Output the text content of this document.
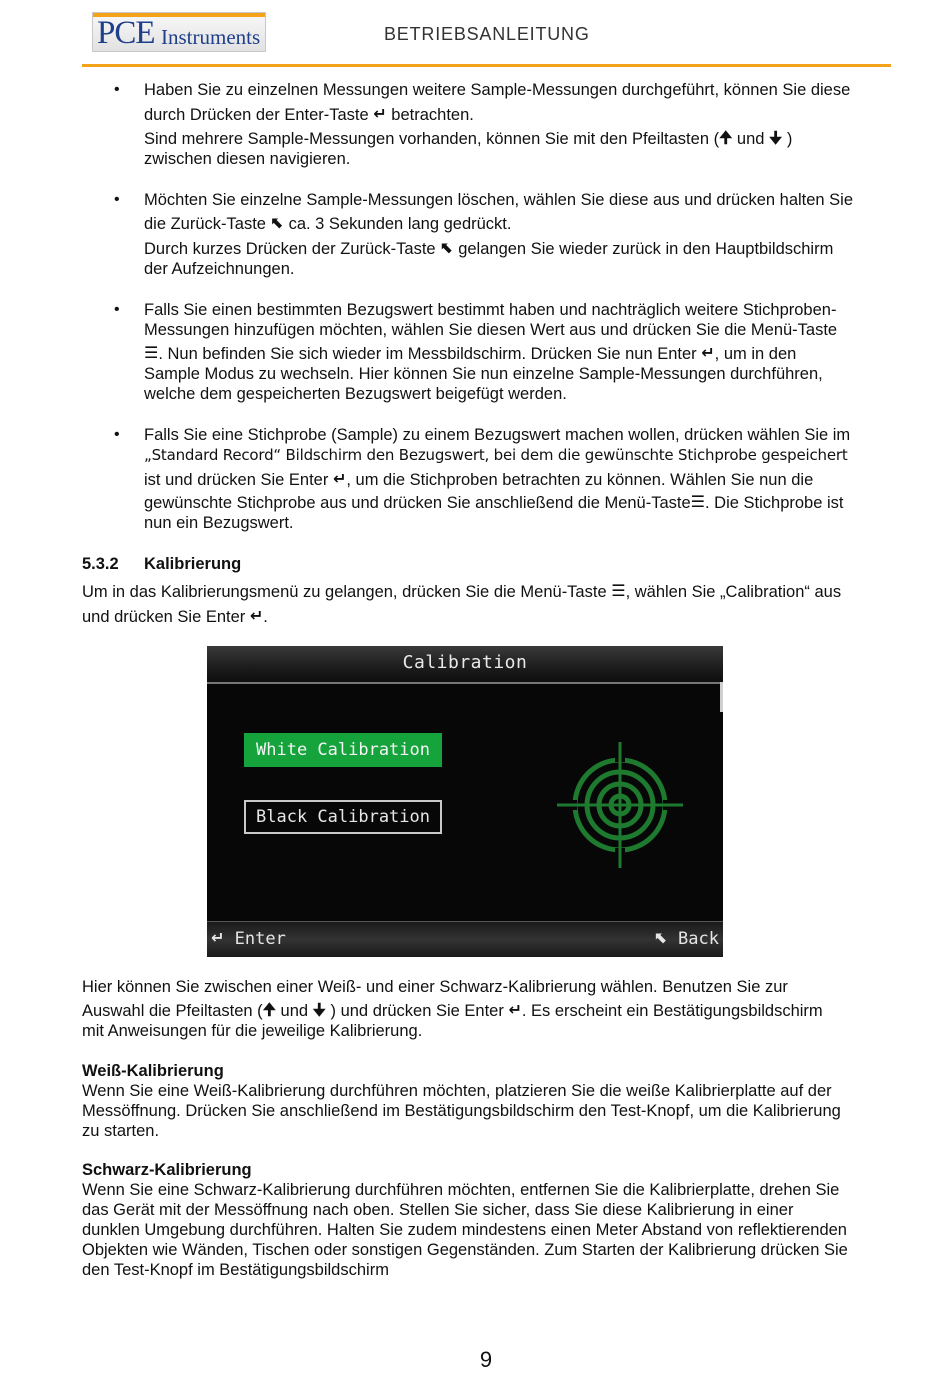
PCE Instruments	BETRIEBSANLEITUNG
• Haben Sie zu einzelnen Messungen weitere Sample-Messungen durchgeführt, können Sie diese
durch Drücken der Enter-Taste ↵ betrachten.
Sind mehrere Sample-Messungen vorhanden, können Sie mit den Pfeiltasten (🠉 und 🠋 )
zwischen diesen navigieren.
• Möchten Sie einzelne Sample-Messungen löschen, wählen Sie diese aus und drücken halten Sie
die Zurück-Taste ⬉ ca. 3 Sekunden lang gedrückt.
Durch kurzes Drücken der Zurück-Taste ⬉ gelangen Sie wieder zurück in den Hauptbildschirm
der Aufzeichnungen.
• Falls Sie einen bestimmten Bezugswert bestimmt haben und nachträglich weitere Stichproben-
Messungen hinzufügen möchten, wählen Sie diesen Wert aus und drücken Sie die Menü-Taste
☰. Nun befinden Sie sich wieder im Messbildschirm. Drücken Sie nun Enter ↵, um in den
Sample Modus zu wechseln. Hier können Sie nun einzelne Sample-Messungen durchführen,
welche dem gespeicherten Bezugswert beigefügt werden.
• Falls Sie eine Stichprobe (Sample) zu einem Bezugswert machen wollen, drücken wählen Sie im
„Standard Record“ Bildschirm den Bezugswert, bei dem die gewünschte Stichprobe gespeichert
ist und drücken Sie Enter ↵, um die Stichproben betrachten zu können. Wählen Sie nun die
gewünschte Stichprobe aus und drücken Sie anschließend die Menü-Taste☰. Die Stichprobe ist
nun ein Bezugswert.
5.3.2 Kalibrierung
Um in das Kalibrierungsmenü zu gelangen, drücken Sie die Menü-Taste ☰, wählen Sie „Calibration“ aus
und drücken Sie Enter ↵.
Calibration
White Calibration
Black Calibration
↵ Enter	⬉ Back
Hier können Sie zwischen einer Weiß- und einer Schwarz-Kalibrierung wählen. Benutzen Sie zur
Auswahl die Pfeiltasten (🠉 und 🠋 ) und drücken Sie Enter ↵. Es erscheint ein Bestätigungsbildschirm
mit Anweisungen für die jeweilige Kalibrierung.
Weiß-Kalibrierung
Wenn Sie eine Weiß-Kalibrierung durchführen möchten, platzieren Sie die weiße Kalibrierplatte auf der
Messöffnung. Drücken Sie anschließend im Bestätigungsbildschirm den Test-Knopf, um die Kalibrierung
zu starten.
Schwarz-Kalibrierung
Wenn Sie eine Schwarz-Kalibrierung durchführen möchten, entfernen Sie die Kalibrierplatte, drehen Sie
das Gerät mit der Messöffnung nach oben. Stellen Sie sicher, dass Sie diese Kalibrierung in einer
dunklen Umgebung durchführen. Halten Sie zudem mindestens einen Meter Abstand von reflektierenden
Objekten wie Wänden, Tischen oder sonstigen Gegenständen. Zum Starten der Kalibrierung drücken Sie
den Test-Knopf im Bestätigungsbildschirm
9
